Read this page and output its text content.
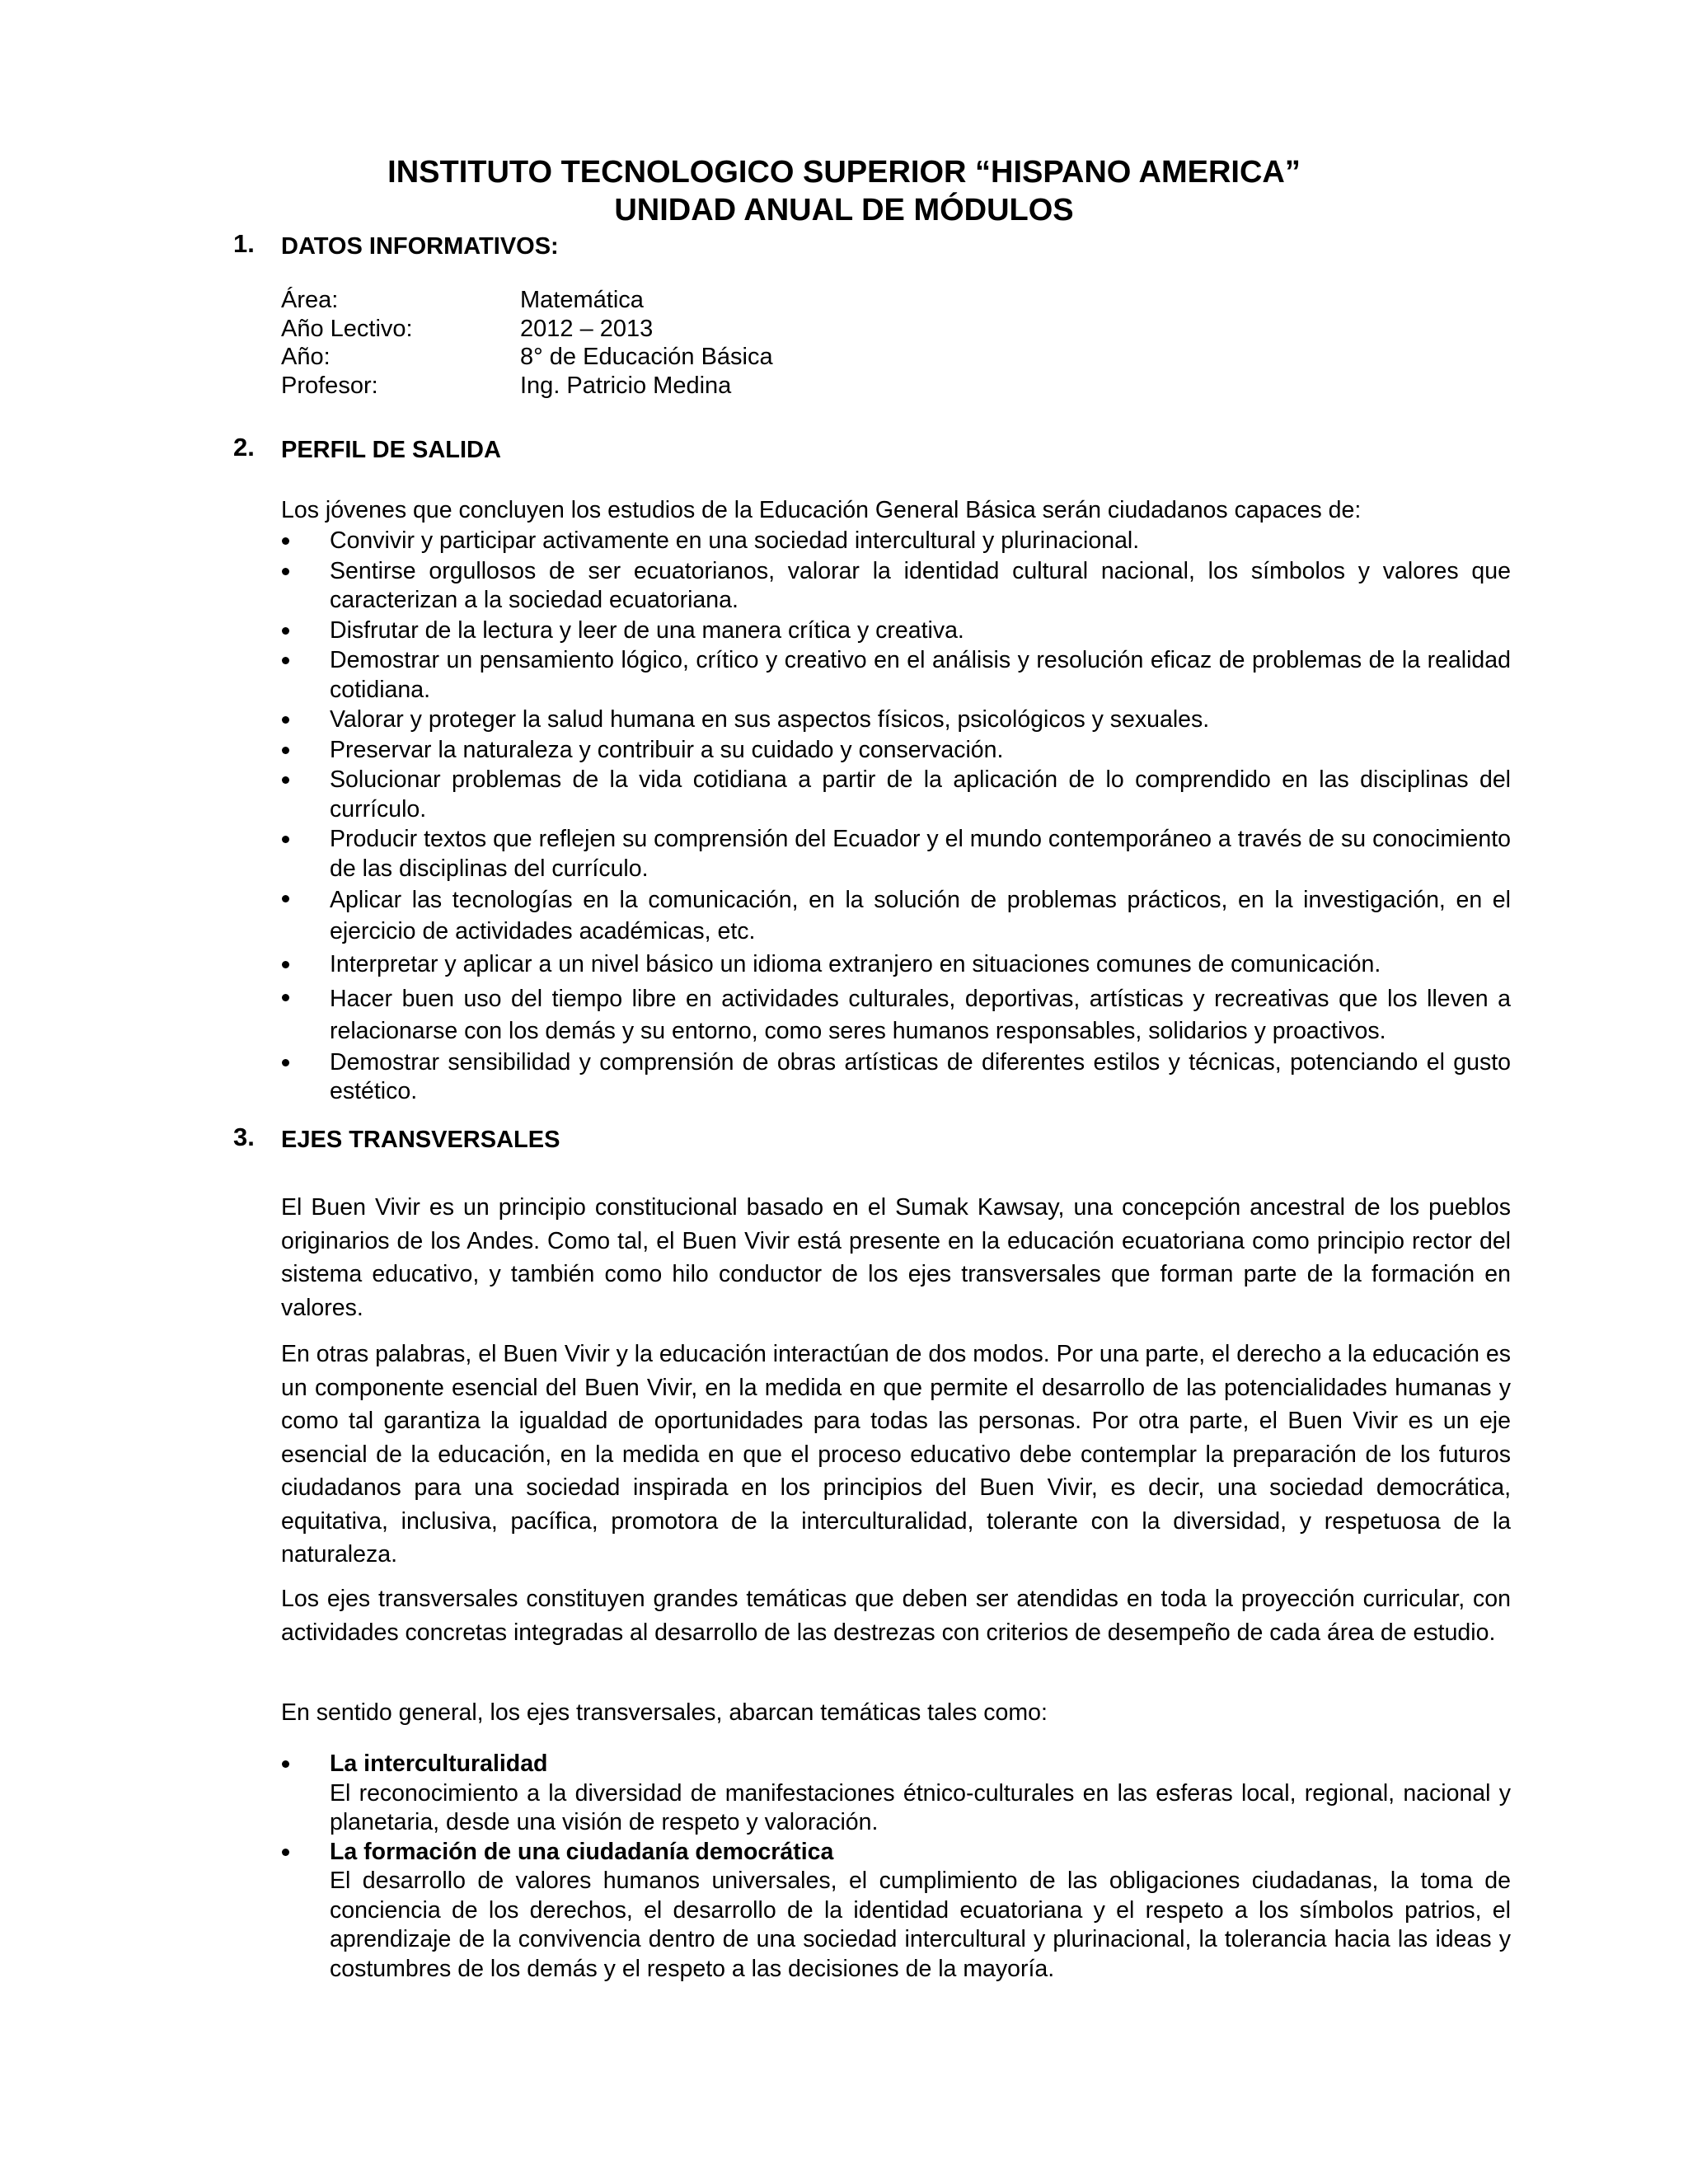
INSTITUTO TECNOLOGICO SUPERIOR “HISPANO AMERICA”
UNIDAD ANUAL DE MÓDULOS
1. DATOS INFORMATIVOS:
Área:	Matemática
Año Lectivo:	2012 – 2013
Año:	8° de Educación Básica
Profesor:	Ing. Patricio Medina
2. PERFIL DE SALIDA
Los jóvenes que concluyen los estudios de la Educación General Básica serán ciudadanos capaces de:
Convivir y participar activamente en una sociedad intercultural y plurinacional.
Sentirse orgullosos de ser ecuatorianos, valorar la identidad cultural nacional, los símbolos y valores que caracterizan a la sociedad ecuatoriana.
Disfrutar de la lectura y leer de una manera crítica y creativa.
Demostrar un pensamiento lógico, crítico y creativo en el análisis y resolución eficaz de problemas de la realidad cotidiana.
Valorar y proteger la salud humana en sus aspectos físicos, psicológicos y sexuales.
Preservar la naturaleza y contribuir a su cuidado y conservación.
Solucionar problemas de la vida cotidiana a partir de la aplicación de lo comprendido en las disciplinas del currículo.
Producir textos que reflejen su comprensión del Ecuador y el mundo contemporáneo a través de su conocimiento de las disciplinas del currículo.
Aplicar las tecnologías en la comunicación, en la solución de problemas prácticos, en la investigación, en el ejercicio de actividades académicas, etc.
Interpretar y aplicar a un nivel básico un idioma extranjero en situaciones comunes de comunicación.
Hacer buen uso del tiempo libre en actividades culturales, deportivas, artísticas y recreativas que los lleven a relacionarse con los demás y su entorno, como seres humanos responsables, solidarios y proactivos.
Demostrar sensibilidad y comprensión de obras artísticas de diferentes estilos y técnicas, potenciando el gusto estético.
3. EJES TRANSVERSALES
El Buen Vivir es un principio constitucional basado en el Sumak Kawsay, una concepción ancestral de los pueblos originarios de los Andes. Como tal, el Buen Vivir está presente en la educación ecuatoriana como principio rector del sistema educativo, y también como hilo conductor de los ejes transversales que forman parte de la formación en valores.
En otras palabras, el Buen Vivir y la educación interactúan de dos modos. Por una parte, el derecho a la educación es un componente esencial del Buen Vivir, en la medida en que permite el desarrollo de las potencialidades humanas y como tal garantiza la igualdad de oportunidades para todas las personas. Por otra parte, el Buen Vivir es un eje esencial de la educación, en la medida en que el proceso educativo debe contemplar la preparación de los futuros ciudadanos para una sociedad inspirada en los principios del Buen Vivir, es decir, una sociedad democrática, equitativa, inclusiva, pacífica, promotora de la interculturalidad, tolerante con la diversidad, y respetuosa de la naturaleza.
Los ejes transversales constituyen grandes temáticas que deben ser atendidas en toda la proyección curricular, con actividades concretas integradas al desarrollo de las destrezas con criterios de desempeño de cada área de estudio.
En sentido general, los ejes transversales, abarcan temáticas tales como:
La interculturalidad
El reconocimiento a la diversidad de manifestaciones étnico-culturales en las esferas local, regional, nacional y planetaria, desde una visión de respeto y valoración.
La formación de una ciudadanía democrática
El desarrollo de valores humanos universales, el cumplimiento de las obligaciones ciudadanas, la toma de conciencia de los derechos, el desarrollo de la identidad ecuatoriana y el respeto a los símbolos patrios, el aprendizaje de la convivencia dentro de una sociedad intercultural y plurinacional, la tolerancia hacia las ideas y costumbres de los demás y el respeto a las decisiones de la mayoría.
